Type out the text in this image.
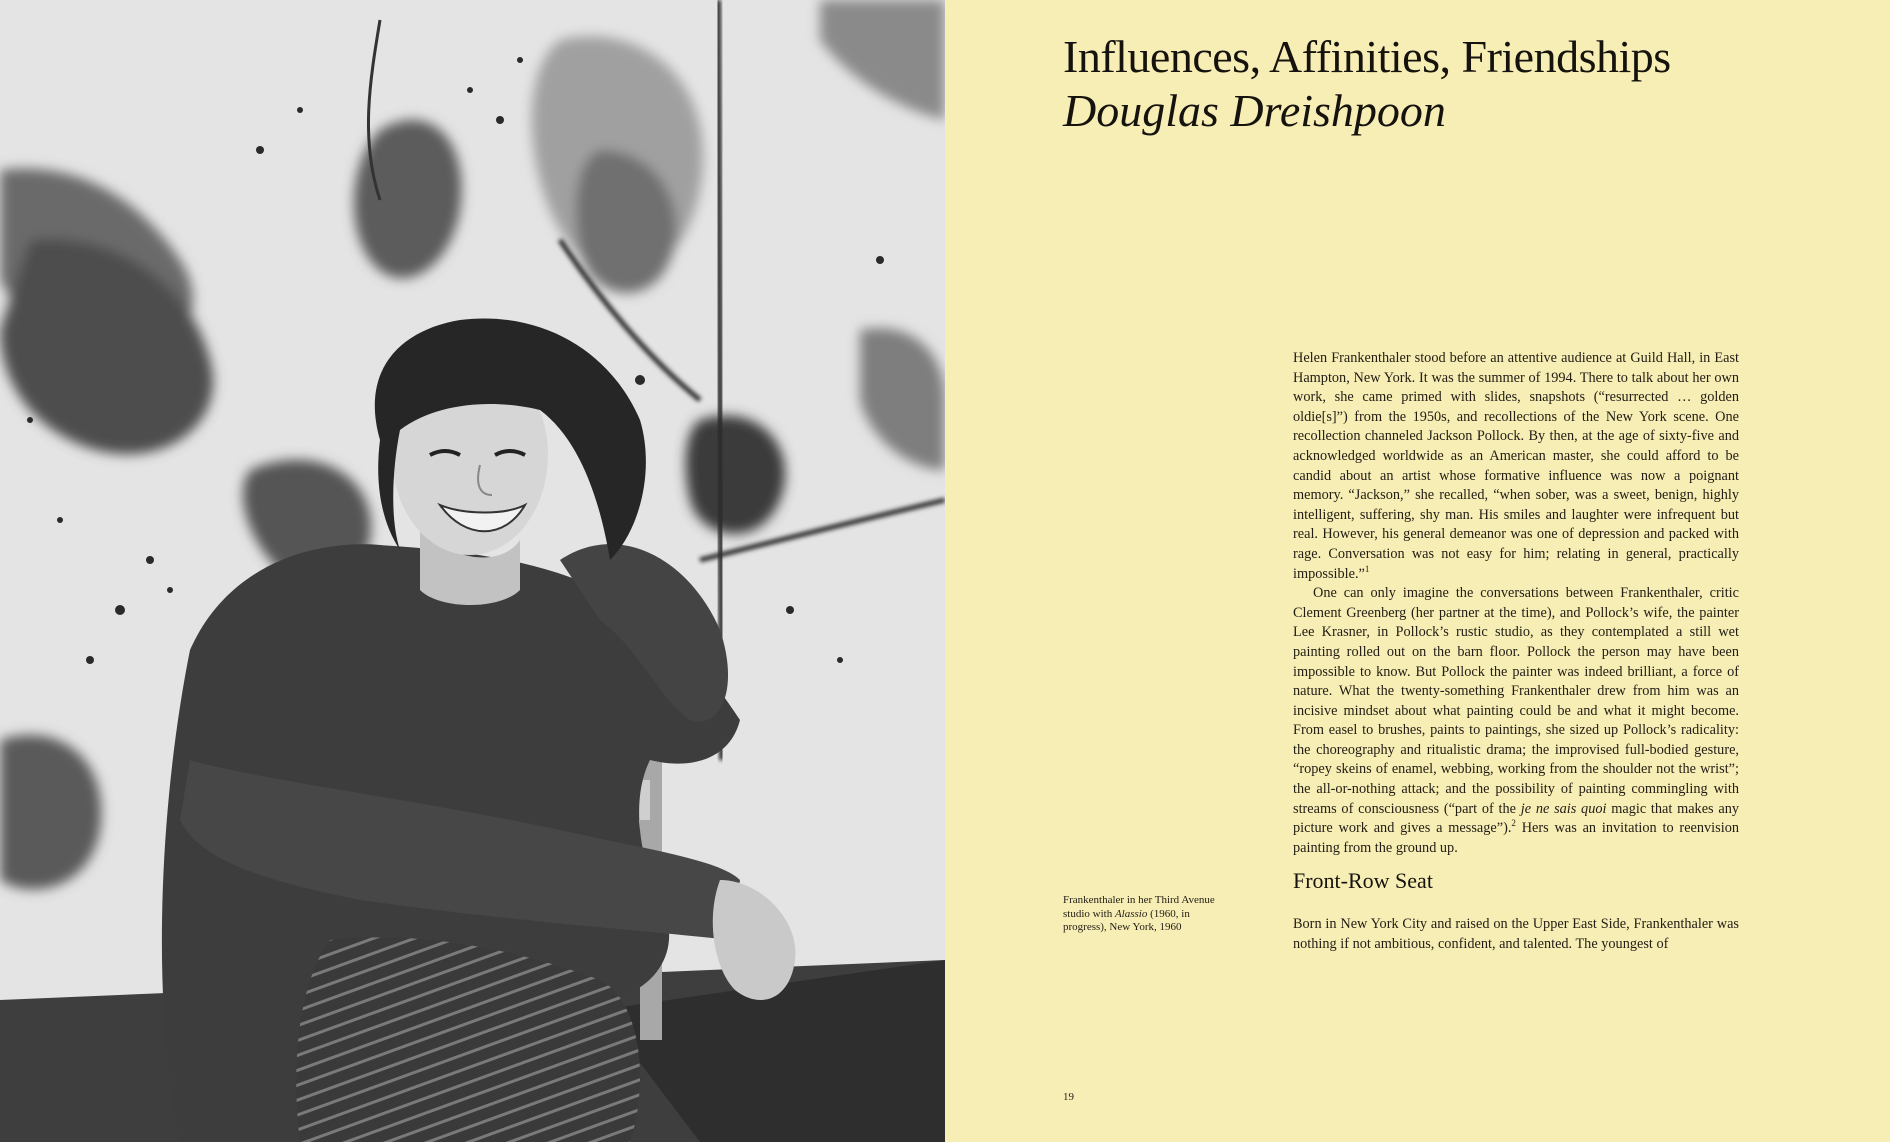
Influences, Affinities, Friendships
Douglas Dreishpoon
Frankenthaler in her Third Avenue studio with Alassio (1960, in progress), New York, 1960

Helen Frankenthaler stood before an attentive audience at Guild Hall, in East Hampton, New York. It was the summer of 1994. There to talk about her own work, she came primed with slides, snapshots (“resurrected … golden oldie[s]”) from the 1950s, and recollections of the New York scene. One recollection channeled Jackson Pollock. By then, at the age of sixty-five and acknowledged worldwide as an American master, she could afford to be candid about an artist whose formative influence was now a poignant memory. “Jackson,” she recalled, “when sober, was a sweet, benign, highly intelligent, suffering, shy man. His smiles and laughter were infrequent but real. However, his general demeanor was one of depression and packed with rage. Conversation was not easy for him; relating in general, practically impossible.”$^1$

One can only imagine the conversations between Frankenthaler, critic Clement Greenberg (her partner at the time), and Pollock’s wife, the painter Lee Krasner, in Pollock’s rustic studio, as they contemplated a still wet painting rolled out on the barn floor. Pollock the person may have been impossible to know. But Pollock the painter was indeed brilliant, a force of nature. What the twenty-something Frankenthaler drew from him was an incisive mindset about what painting could be and what it might become. From easel to brushes, paints to paintings, she sized up Pollock’s radicality: the choreography and ritualistic drama; the improvised full-bodied gesture, “ropey skeins of enamel, webbing, working from the shoulder not the wrist”; the all-or-nothing attack; and the possibility of painting commingling with streams of consciousness (“part of the je ne sais quoi magic that makes any picture work and gives a message”).$^2$ Hers was an invitation to reenvision painting from the ground up.

Front-Row Seat

Born in New York City and raised on the Upper East Side, Frankenthaler was nothing if not ambitious, confident, and talented. The youngest of

19
